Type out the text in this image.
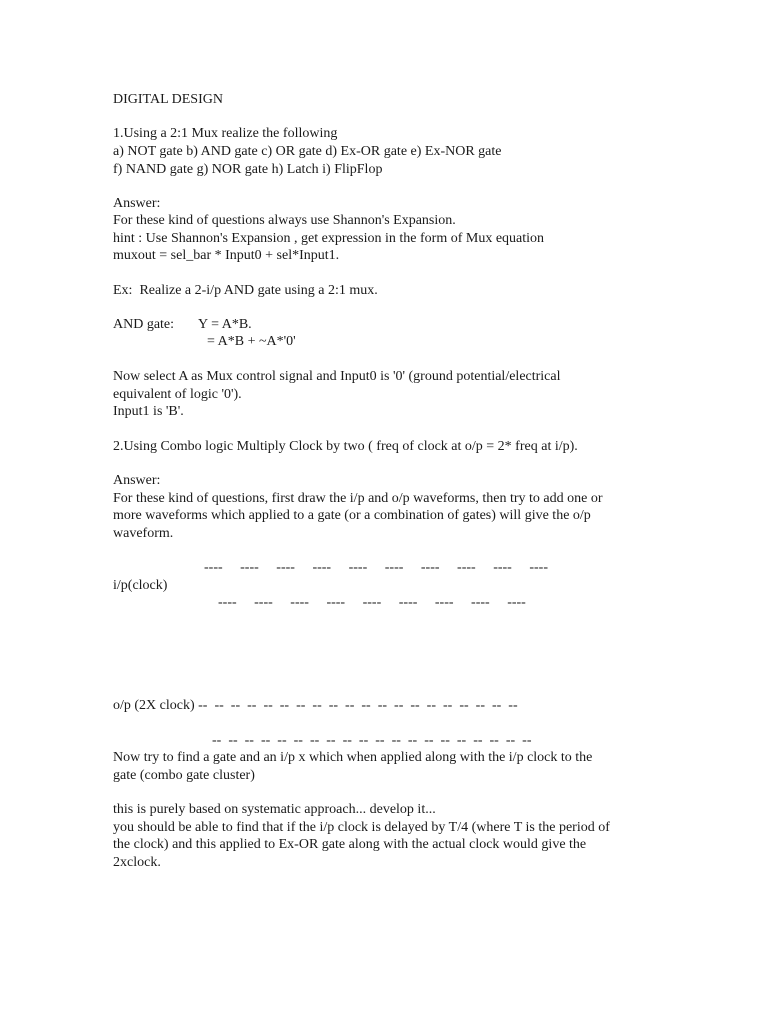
DIGITAL DESIGN
1.Using a 2:1 Mux realize the following
a) NOT gate b) AND gate c) OR gate d) Ex-OR gate e) Ex-NOR gate
f) NAND gate g) NOR gate h) Latch i) FlipFlop
Answer:
For these kind of questions always use Shannon's Expansion.
hint : Use Shannon's Expansion , get expression in the form of Mux equation
muxout = sel_bar * Input0 + sel*Input1.
Ex:  Realize a 2-i/p AND gate using a 2:1 mux.
AND gate:       Y = A*B.
= A*B + ~A*'0'
Now select A as Mux control signal and Input0 is '0' (ground potential/electrical
equivalent of logic '0').
Input1 is 'B'.
2.Using Combo logic Multiply Clock by two ( freq of clock at o/p = 2* freq at i/p).
Answer:
For these kind of questions, first draw the i/p and o/p waveforms, then try to add one or
more waveforms which applied to a gate (or a combination of gates) will give the o/p
waveform.
----     ----     ----     ----     ----     ----     ----     ----     ----     ----
i/p(clock)
----     ----     ----     ----     ----     ----     ----     ----     ----
o/p (2X clock) --  --  --  --  --  --  --  --  --  --  --  --  --  --  --  --  --  --  --  --
--  --  --  --  --  --  --  --  --  --  --  --  --  --  --  --  --  --  --  --
Now try to find a gate and an i/p x which when applied along with the i/p clock to the
gate (combo gate cluster)
this is purely based on systematic approach... develop it...
you should be able to find that if the i/p clock is delayed by T/4 (where T is the period of
the clock) and this applied to Ex-OR gate along with the actual clock would give the
2xclock.
